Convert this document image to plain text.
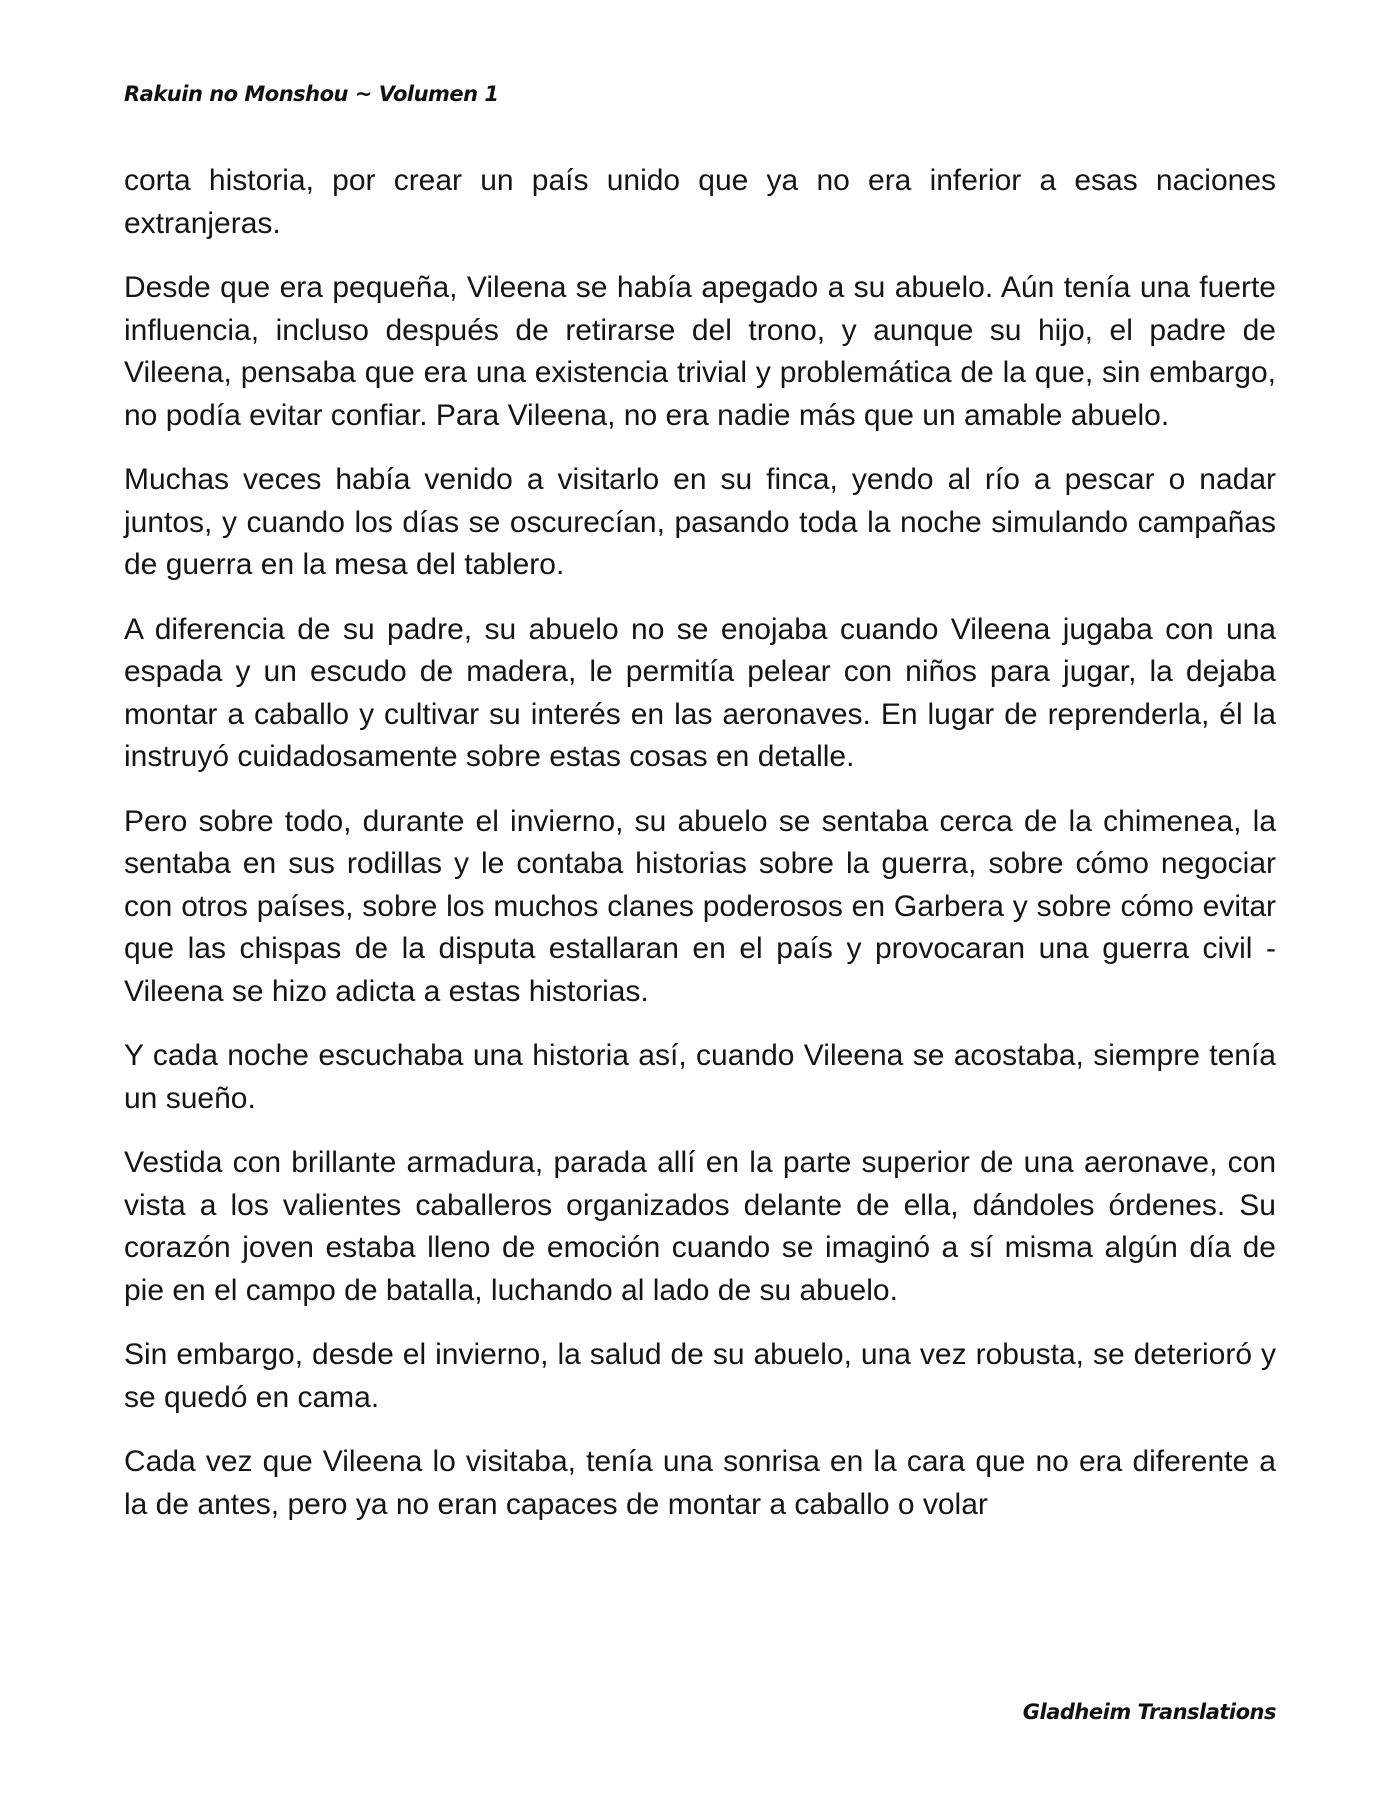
Rakuin no Monshou ~ Volumen 1

corta historia, por crear un país unido que ya no era inferior a esas naciones extranjeras.

Desde que era pequeña, Vileena se había apegado a su abuelo. Aún tenía una fuerte influencia, incluso después de retirarse del trono, y aunque su hijo, el padre de Vileena, pensaba que era una existencia trivial y problemática de la que, sin embargo, no podía evitar confiar. Para Vileena, no era nadie más que un amable abuelo.

Muchas veces había venido a visitarlo en su finca, yendo al río a pescar o nadar juntos, y cuando los días se oscurecían, pasando toda la noche simulando campañas de guerra en la mesa del tablero.

A diferencia de su padre, su abuelo no se enojaba cuando Vileena jugaba con una espada y un escudo de madera, le permitía pelear con niños para jugar, la dejaba montar a caballo y cultivar su interés en las aeronaves. En lugar de reprenderla, él la instruyó cuidadosamente sobre estas cosas en detalle.

Pero sobre todo, durante el invierno, su abuelo se sentaba cerca de la chimenea, la sentaba en sus rodillas y le contaba historias sobre la guerra, sobre cómo negociar con otros países, sobre los muchos clanes poderosos en Garbera y sobre cómo evitar que las chispas de la disputa estallaran en el país y provocaran una guerra civil - Vileena se hizo adicta a estas historias.

Y cada noche escuchaba una historia así, cuando Vileena se acostaba, siempre tenía un sueño.

Vestida con brillante armadura, parada allí en la parte superior de una aeronave, con vista a los valientes caballeros organizados delante de ella, dándoles órdenes. Su corazón joven estaba lleno de emoción cuando se imaginó a sí misma algún día de pie en el campo de batalla, luchando al lado de su abuelo.

Sin embargo, desde el invierno, la salud de su abuelo, una vez robusta, se deterioró y se quedó en cama.

Cada vez que Vileena lo visitaba, tenía una sonrisa en la cara que no era diferente a la de antes, pero ya no eran capaces de montar a caballo o volar

Gladheim Translations
